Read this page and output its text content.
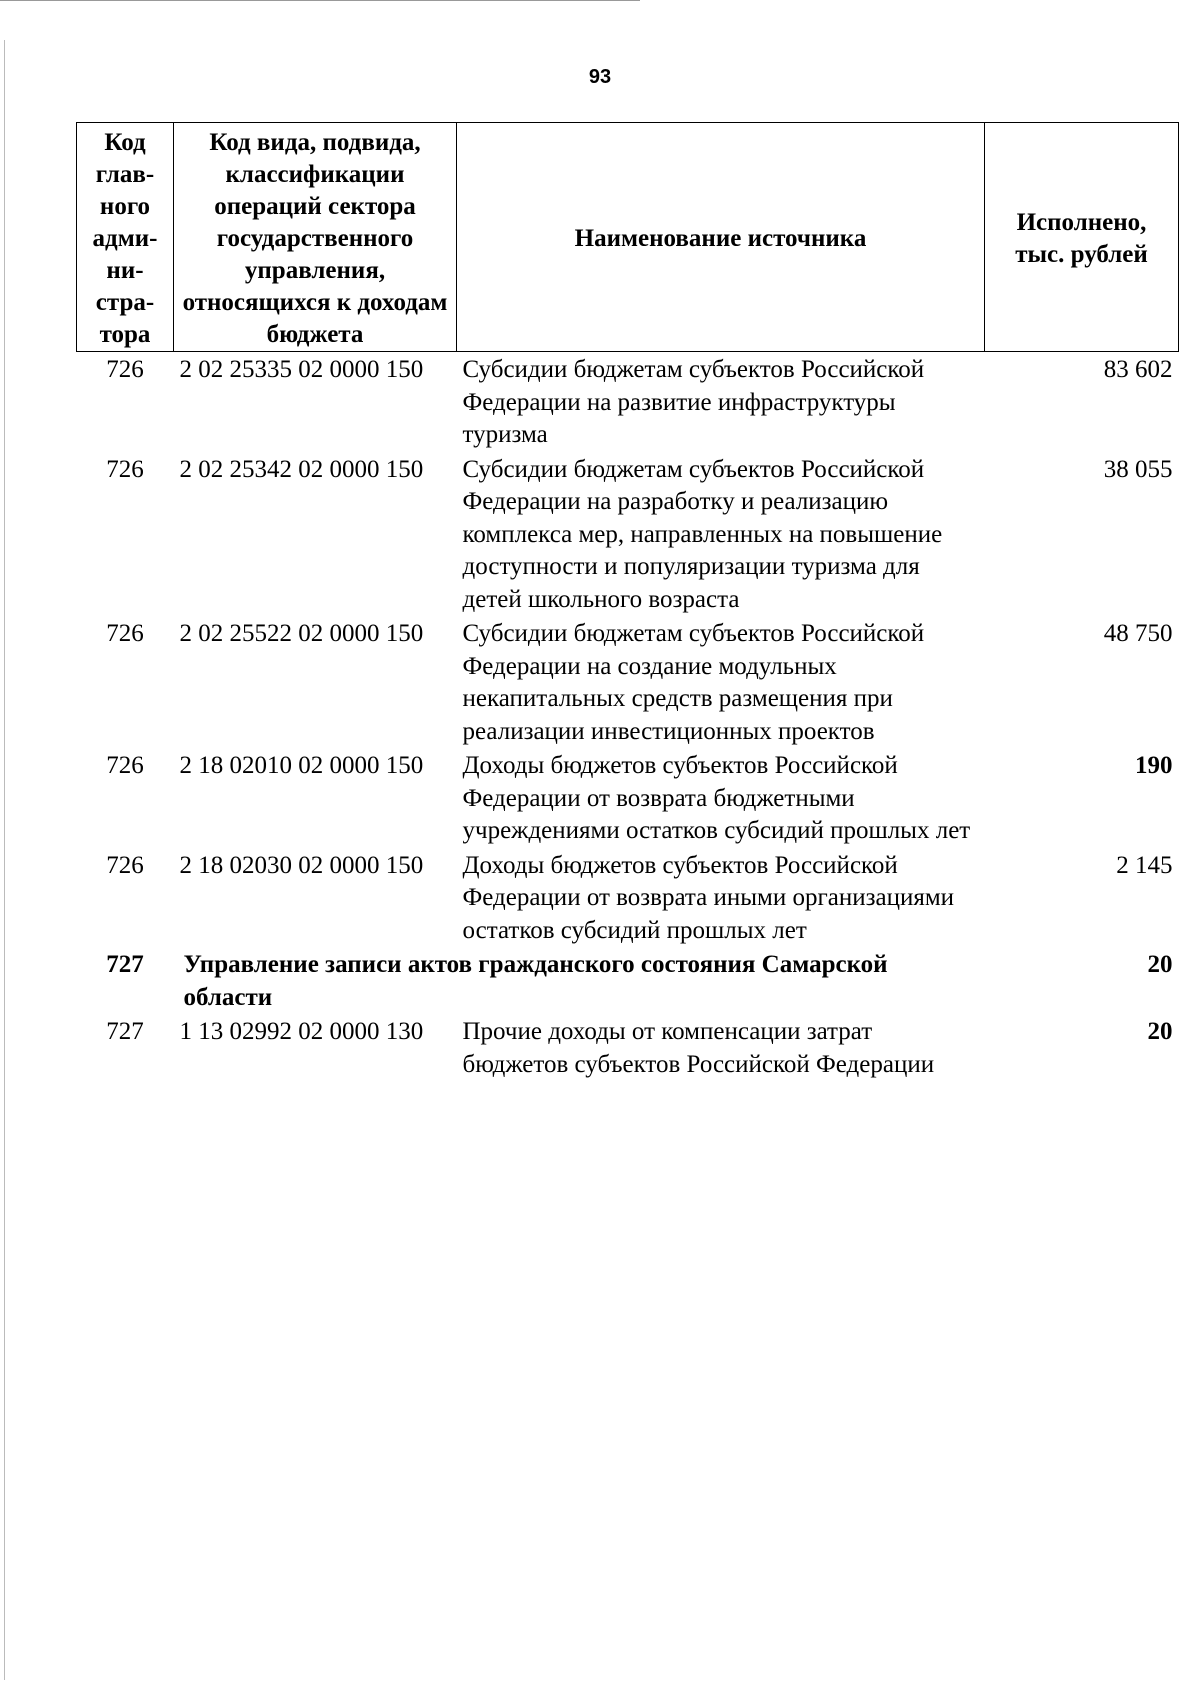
93
Код глав-ного адми-ни-стра-тора	Код вида, подвида, классификации операций сектора государственного управления, относящихся к доходам бюджета	Наименование источника	Исполнено, тыс. рублей
726	2 02 25335 02 0000 150	Субсидии бюджетам субъектов Российской Федерации на развитие инфраструктуры туризма	83 602
726	2 02 25342 02 0000 150	Субсидии бюджетам субъектов Российской Федерации на разработку и реализацию комплекса мер, направленных на повышение доступности и популяризации туризма для детей школьного возраста	38 055
726	2 02 25522 02 0000 150	Субсидии бюджетам субъектов Российской Федерации на создание модульных некапитальных средств размещения при реализации инвестиционных проектов	48 750
726	2 18 02010 02 0000 150	Доходы бюджетов субъектов Российской Федерации от возврата бюджетными учреждениями остатков субсидий прошлых лет	190
726	2 18 02030 02 0000 150	Доходы бюджетов субъектов Российской Федерации от возврата иными организациями остатков субсидий прошлых лет	2 145
727	Управление записи актов гражданского состояния Самарской области		20
727	1 13 02992 02 0000 130	Прочие доходы от компенсации затрат бюджетов субъектов Российской Федерации	20
